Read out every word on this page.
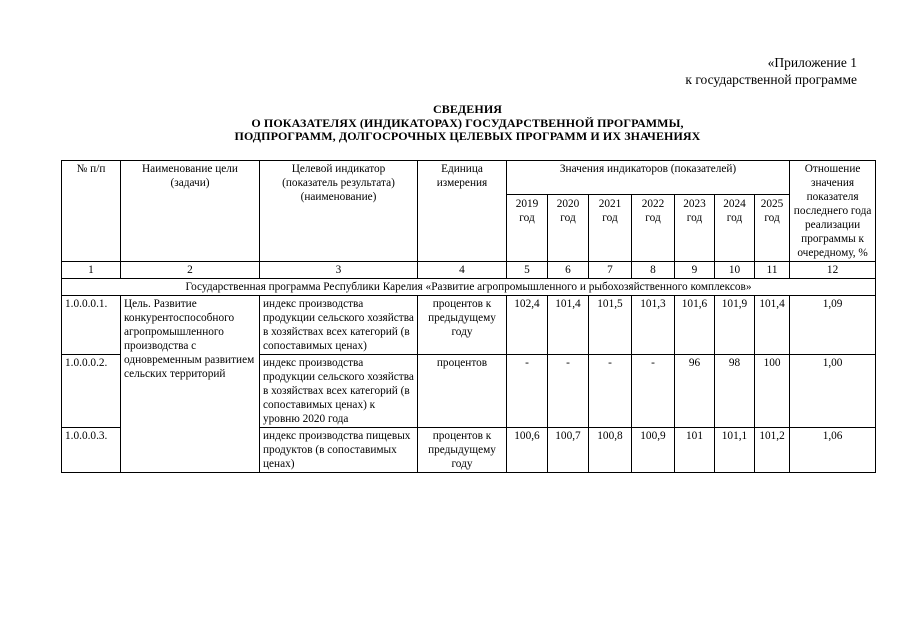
«Приложение 1
к государственной программе
СВЕДЕНИЯ
О ПОКАЗАТЕЛЯХ (ИНДИКАТОРАХ) ГОСУДАРСТВЕННОЙ ПРОГРАММЫ,
ПОДПРОГРАММ, ДОЛГОСРОЧНЫХ ЦЕЛЕВЫХ ПРОГРАММ И ИХ ЗНАЧЕНИЯХ
№ п/п	Наименование цели (задачи)	Целевой индикатор (показатель результата) (наименование)	Единица измерения	Значения индикаторов (показателей)							Отношение значения показателя последнего года реализации программы к очередному, %
				2019 год	2020 год	2021 год	2022 год	2023 год	2024 год	2025 год	
1	2	3	4	5	6	7	8	9	10	11	12
Государственная программа Республики Карелия «Развитие агропромышленного и рыбохозяйственного комплексов»											
1.0.0.0.1.	Цель. Развитие конкурентоспособного агропромышленного производства с одновременным развитием сельских территорий	индекс производства продукции сельского хозяйства в хозяйствах всех категорий (в сопоставимых ценах)	процентов к предыдущему году	102,4	101,4	101,5	101,3	101,6	101,9	101,4	1,09
1.0.0.0.2.		индекс производства продукции сельского хозяйства в хозяйствах всех категорий (в сопоставимых ценах) к уровню 2020 года	процентов	-	-	-	-	96	98	100	1,00
1.0.0.0.3.		индекс производства пищевых продуктов (в сопоставимых ценах)	процентов к предыдущему году	100,6	100,7	100,8	100,9	101	101,1	101,2	1,06
